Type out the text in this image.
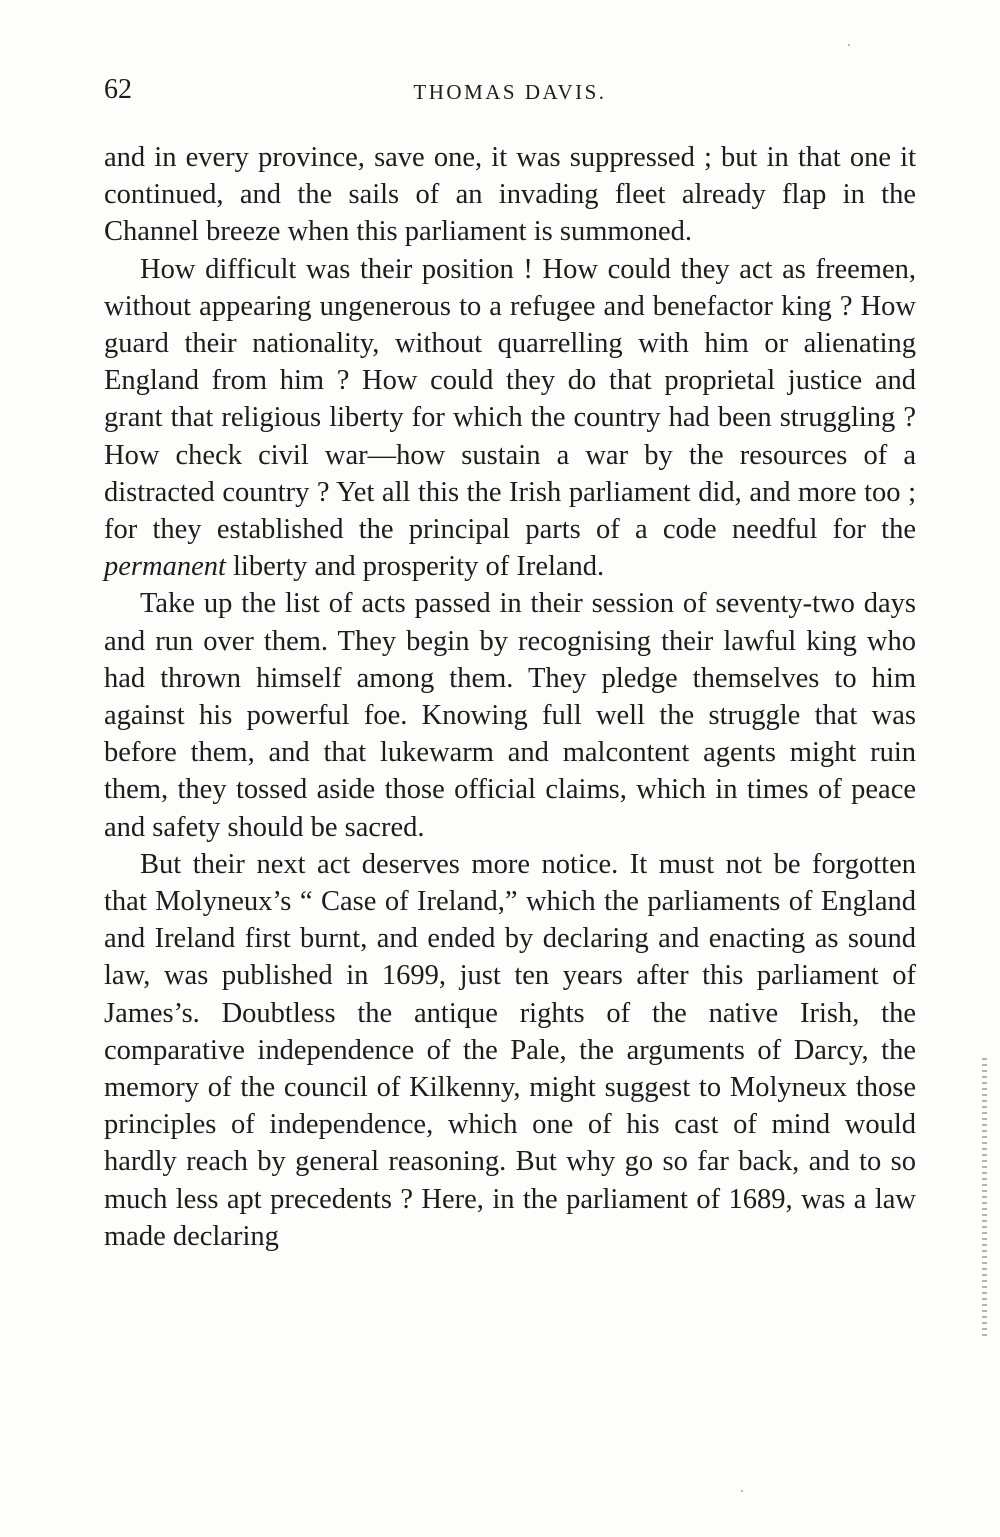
62	THOMAS DAVIS.

and in every province, save one, it was suppressed ; but in that one it continued, and the sails of an invading fleet already flap in the Channel breeze when this parliament is summoned.

How difficult was their position ! How could they act as freemen, without appearing ungenerous to a refugee and benefactor king ? How guard their nationality, without quarrelling with him or alienating England from him ? How could they do that proprietal justice and grant that religious liberty for which the country had been struggling ? How check civil war—how sustain a war by the resources of a distracted country ? Yet all this the Irish parliament did, and more too ; for they established the principal parts of a code needful for the permanent liberty and prosperity of Ireland.

Take up the list of acts passed in their session of seventy-two days and run over them. They begin by recognising their lawful king who had thrown himself among them. They pledge themselves to him against his powerful foe. Knowing full well the struggle that was before them, and that lukewarm and malcontent agents might ruin them, they tossed aside those official claims, which in times of peace and safety should be sacred.

But their next act deserves more notice. It must not be forgotten that Molyneux’s “ Case of Ireland,” which the parliaments of England and Ireland first burnt, and ended by declaring and enacting as sound law, was published in 1699, just ten years after this parliament of James’s. Doubtless the antique rights of the native Irish, the comparative independence of the Pale, the arguments of Darcy, the memory of the council of Kilkenny, might suggest to Molyneux those principles of independence, which one of his cast of mind would hardly reach by general reasoning. But why go so far back, and to so much less apt precedents ? Here, in the parliament of 1689, was a law made declaring
